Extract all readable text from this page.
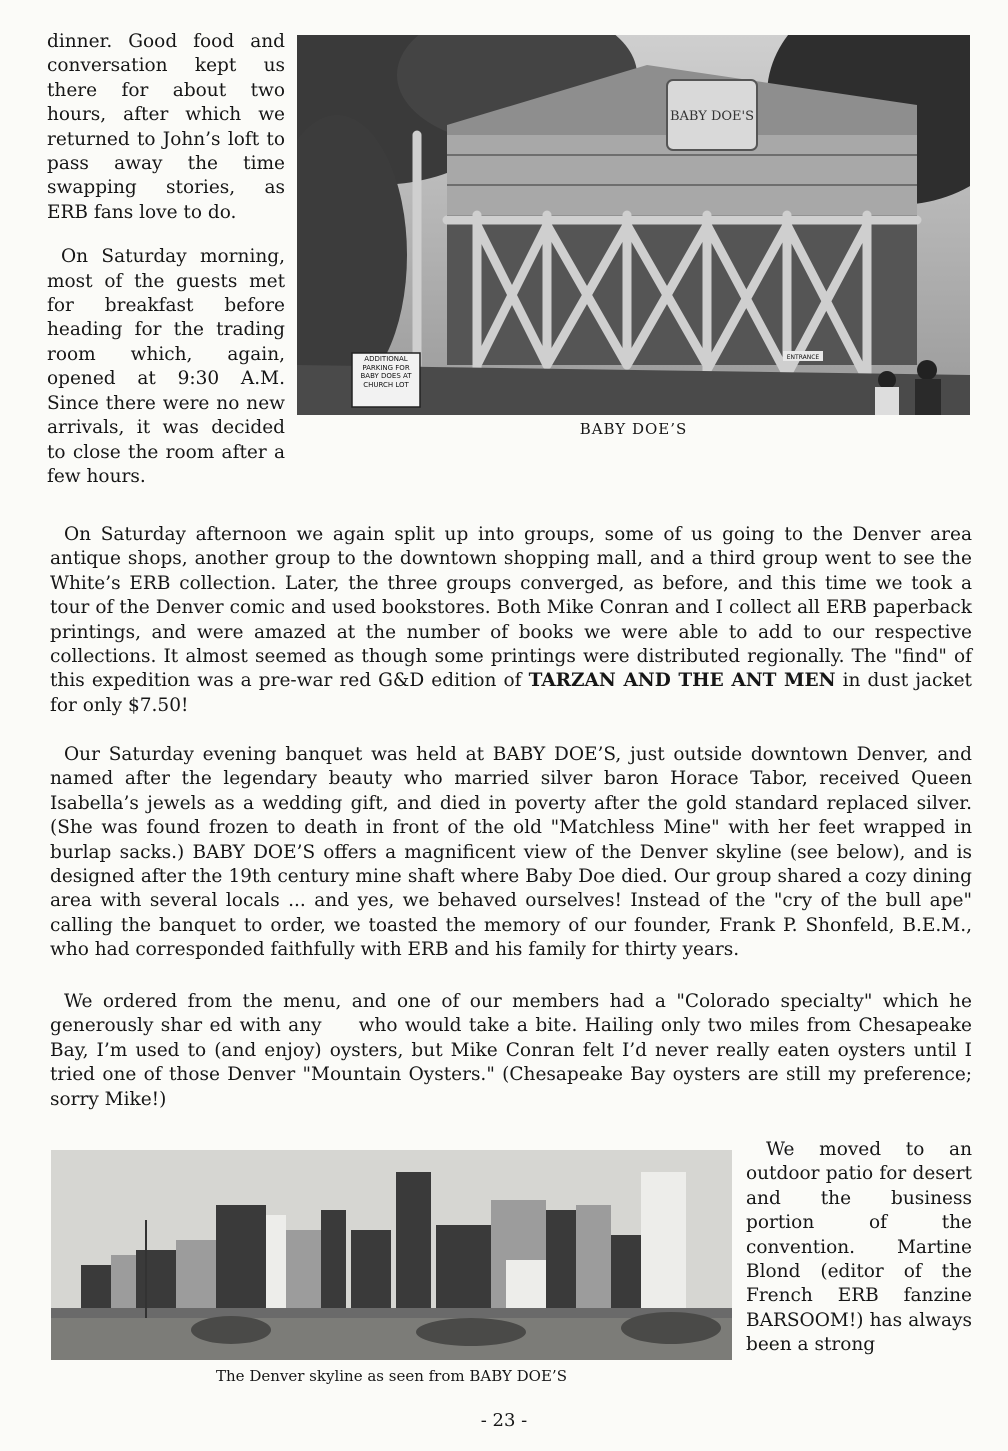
dinner. Good food and conversation kept us there for about two hours, after which we returned to John’s loft to pass away the time swapping stories, as ERB fans love to do.

On Saturday morning, most of the guests met for breakfast before heading for the trading room which, again, opened at 9:30 A.M. Since there were no new arrivals, it was decided to close the room after a few hours.

BABY DOE'S
ADDITIONAL PARKING FOR BABY DOES AT CHURCH LOT
ENTRANCE
BABY DOE’S

On Saturday afternoon we again split up into groups, some of us going to the Denver area antique shops, another group to the downtown shopping mall, and a third group went to see the White’s ERB collection. Later, the three groups converged, as before, and this time we took a tour of the Denver comic and used bookstores. Both Mike Conran and I collect all ERB paperback printings, and were amazed at the number of books we were able to add to our respective collections. It almost seemed as though some printings were distributed regionally. The "find" of this expedition was a pre-war red G&D edition of TARZAN AND THE ANT MEN in dust jacket for only $7.50!

Our Saturday evening banquet was held at BABY DOE’S, just outside downtown Denver, and named after the legendary beauty who married silver baron Horace Tabor, received Queen Isabella’s jewels as a wedding gift, and died in poverty after the gold standard replaced silver. (She was found frozen to death in front of the old "Matchless Mine" with her feet wrapped in burlap sacks.) BABY DOE’S offers a magnificent view of the Denver skyline (see below), and is designed after the 19th century mine shaft where Baby Doe died. Our group shared a cozy dining area with several locals ... and yes, we behaved ourselves! Instead of the "cry of the bull ape" calling the banquet to order, we toasted the memory of our founder, Frank P. Shonfeld, B.E.M., who had corresponded faithfully with ERB and his family for thirty years.

We ordered from the menu, and one of our members had a "Colorado specialty" which he generously shar ed with any     who would take a bite. Hailing only two miles from Chesapeake Bay, I’m used to (and enjoy) oysters, but Mike Conran felt I’d never really eaten oysters until I tried one of those Denver "Mountain Oysters." (Chesapeake Bay oysters are still my preference; sorry Mike!)

The Denver skyline as seen from BABY DOE’S

We moved to an outdoor patio for desert and the business portion of the convention. Martine Blond (editor of the French ERB fanzine BARSOOM!) has always been a strong

- 23 -
